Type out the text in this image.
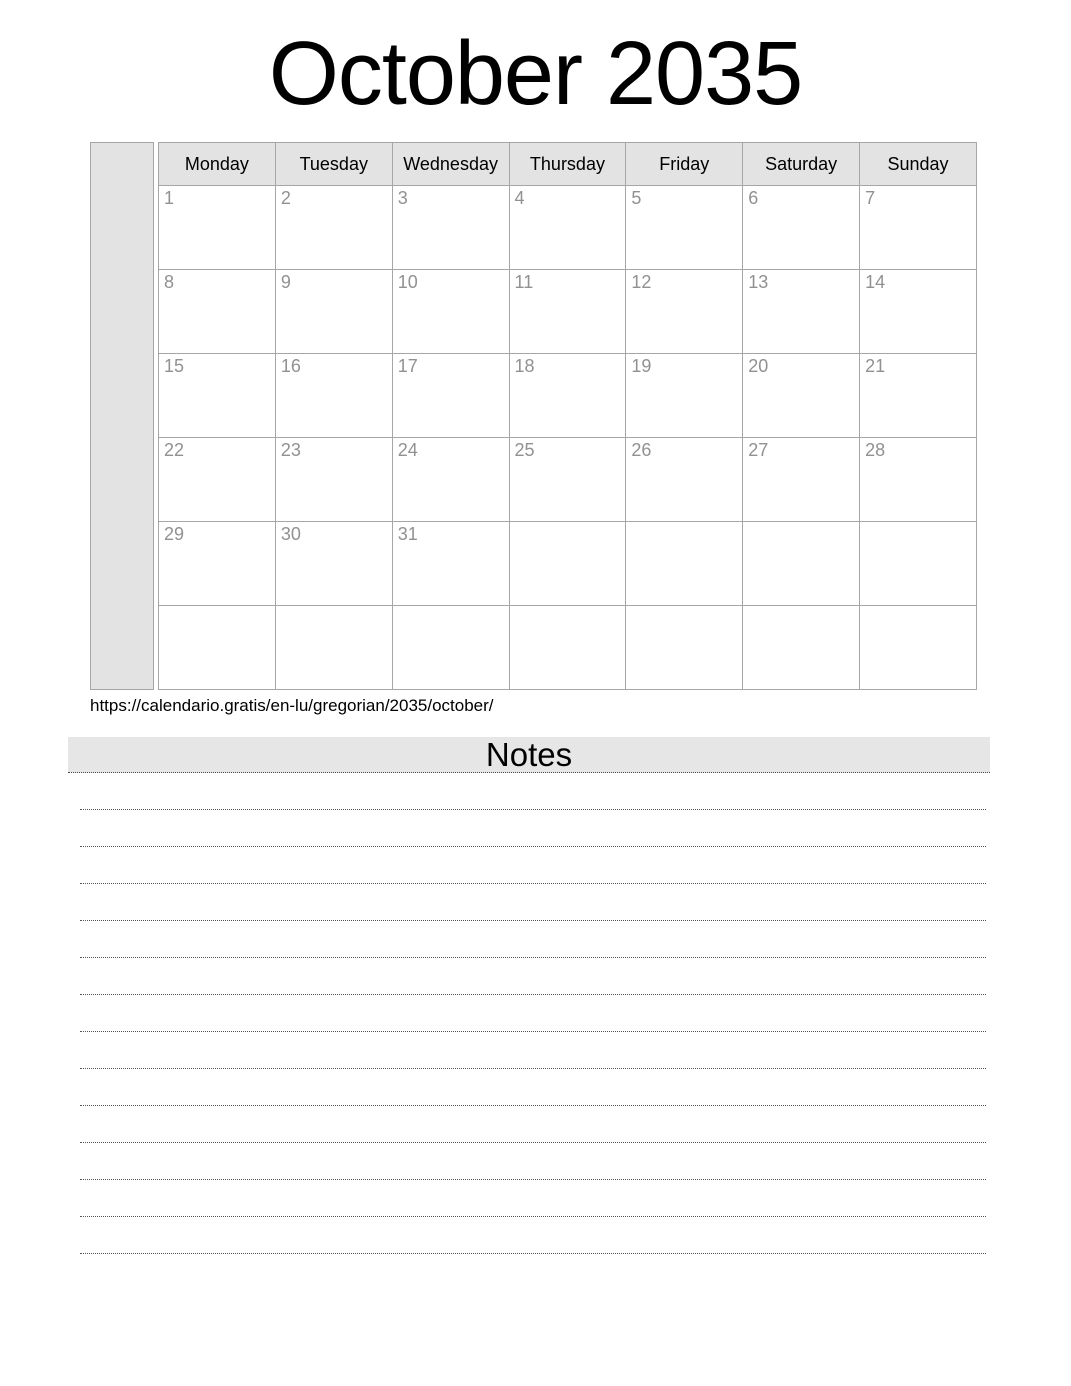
October 2035
Monday	Tuesday	Wednesday	Thursday	Friday	Saturday	Sunday
1	2	3	4	5	6	7
8	9	10	11	12	13	14
15	16	17	18	19	20	21
22	23	24	25	26	27	28
29	30	31				

https://calendario.gratis/en-lu/gregorian/2035/october/
Notes
